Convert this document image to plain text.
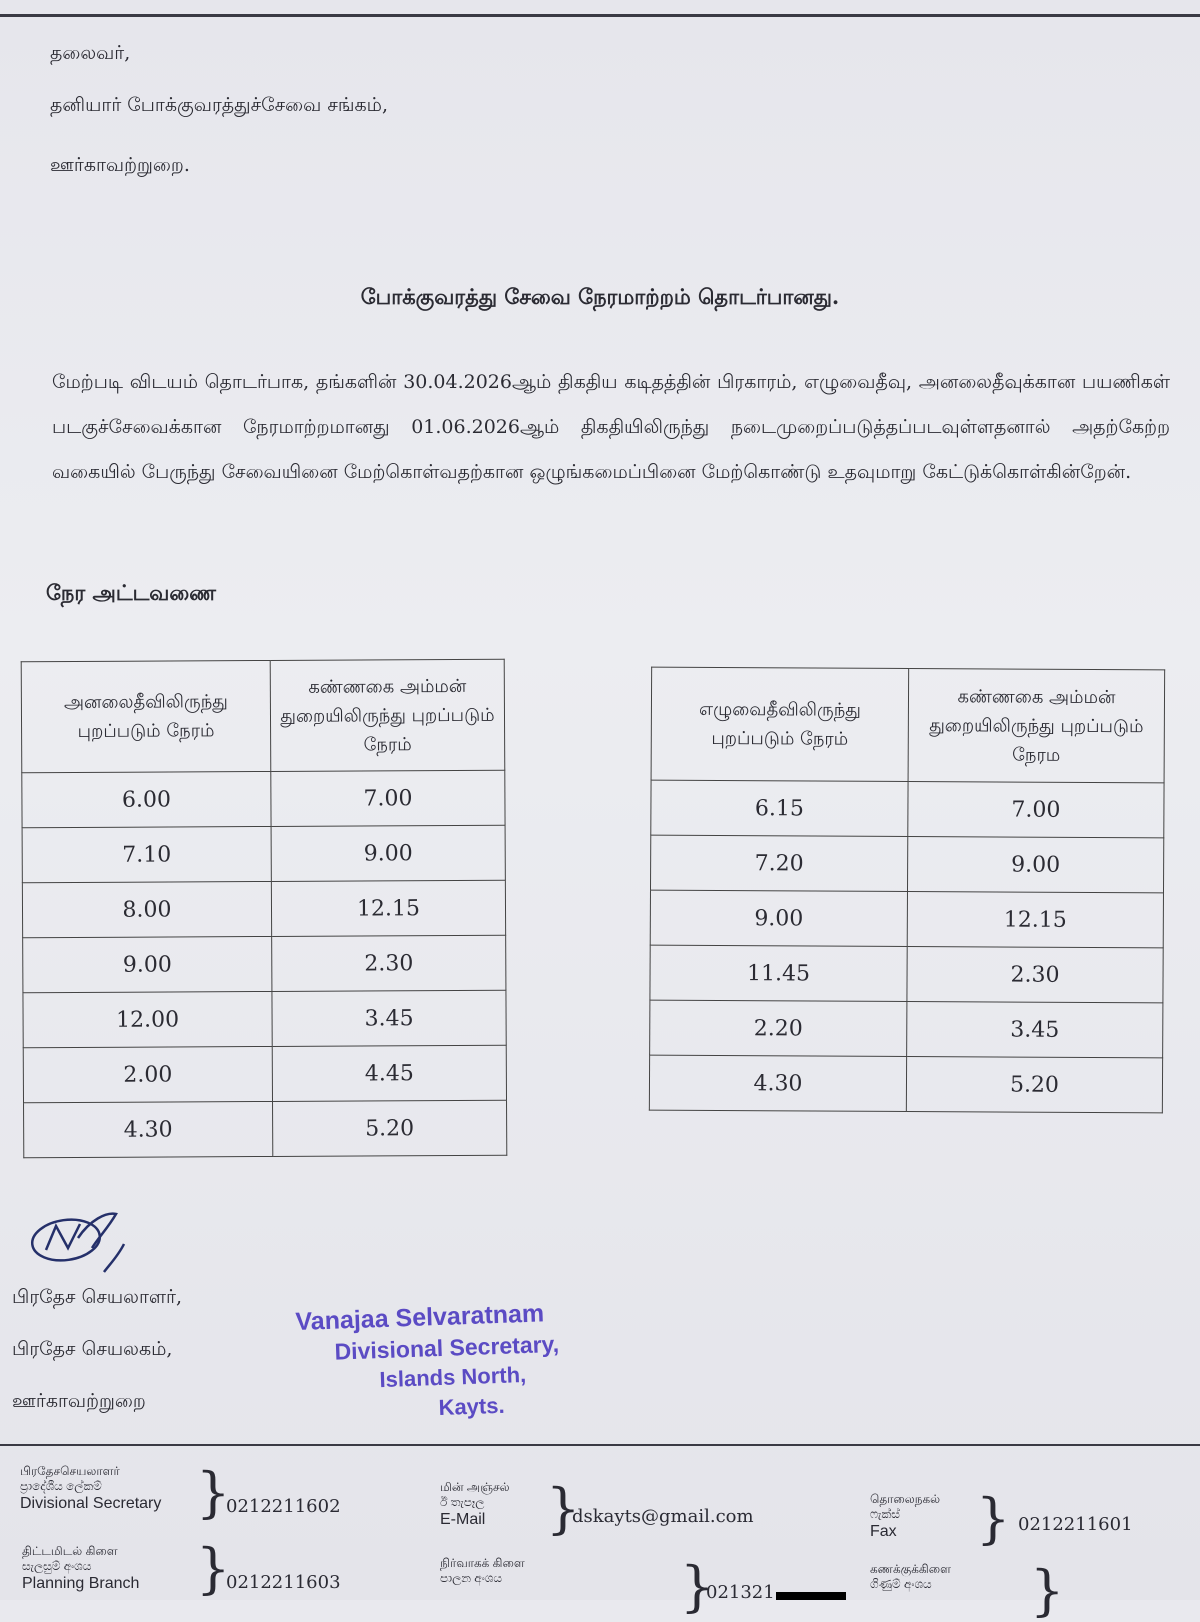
தலைவர்,
தனியார் போக்குவரத்துச்சேவை சங்கம்,
ஊர்காவற்றுறை.
போக்குவரத்து சேவை நேரமாற்றம் தொடர்பானது.
மேற்படி விடயம் தொடர்பாக, தங்களின் 30.04.2026ஆம் திகதிய கடிதத்தின் பிரகாரம், எழுவைதீவு, அனலைதீவுக்கான பயணிகள் படகுச்சேவைக்கான நேரமாற்றமானது 01.06.2026ஆம் திகதியிலிருந்து நடைமுறைப்படுத்தப்படவுள்ளதனால் அதற்கேற்ற வகையில் பேருந்து சேவையினை மேற்கொள்வதற்கான ஒழுங்கமைப்பினை மேற்கொண்டு உதவுமாறு கேட்டுக்கொள்கின்றேன்.
நேர அட்டவணை
அனலைதீவிலிருந்து புறப்படும் நேரம்	கண்ணகை அம்மன் துறையிலிருந்து புறப்படும் நேரம்
6.00	7.00
7.10	9.00
8.00	12.15
9.00	2.30
12.00	3.45
2.00	4.45
4.30	5.20
எழுவைதீவிலிருந்து புறப்படும் நேரம்	கண்ணகை அம்மன் துறையிலிருந்து புறப்படும் நேரம
6.15	7.00
7.20	9.00
9.00	12.15
11.45	2.30
2.20	3.45
4.30	5.20
பிரதேச செயலாளர்,
பிரதேச செயலகம்,
ஊர்காவற்றுறை
Vanajaa Selvaratnam
Divisional Secretary,
Islands North,
Kayts.
பிரதேசசெயலாளர்
ප්‍රාදේශීය ලේකම්
Divisional Secretary }
0212211602
மின் அஞ்சல்
ඊ තැපෑල
E-Mail	}
dskayts@gmail.com
தொலைநகல்
ෆැක්ස්
Fax	} 0212211601
திட்டமிடல் கிளை
සැලසුම් අංශය
Planning Branch }
0212211603
நிர்வாகக் கிளை
පාලන අංශය	}
021321
கணக்குக்கிளை
ගිණුම් අංශය	}
